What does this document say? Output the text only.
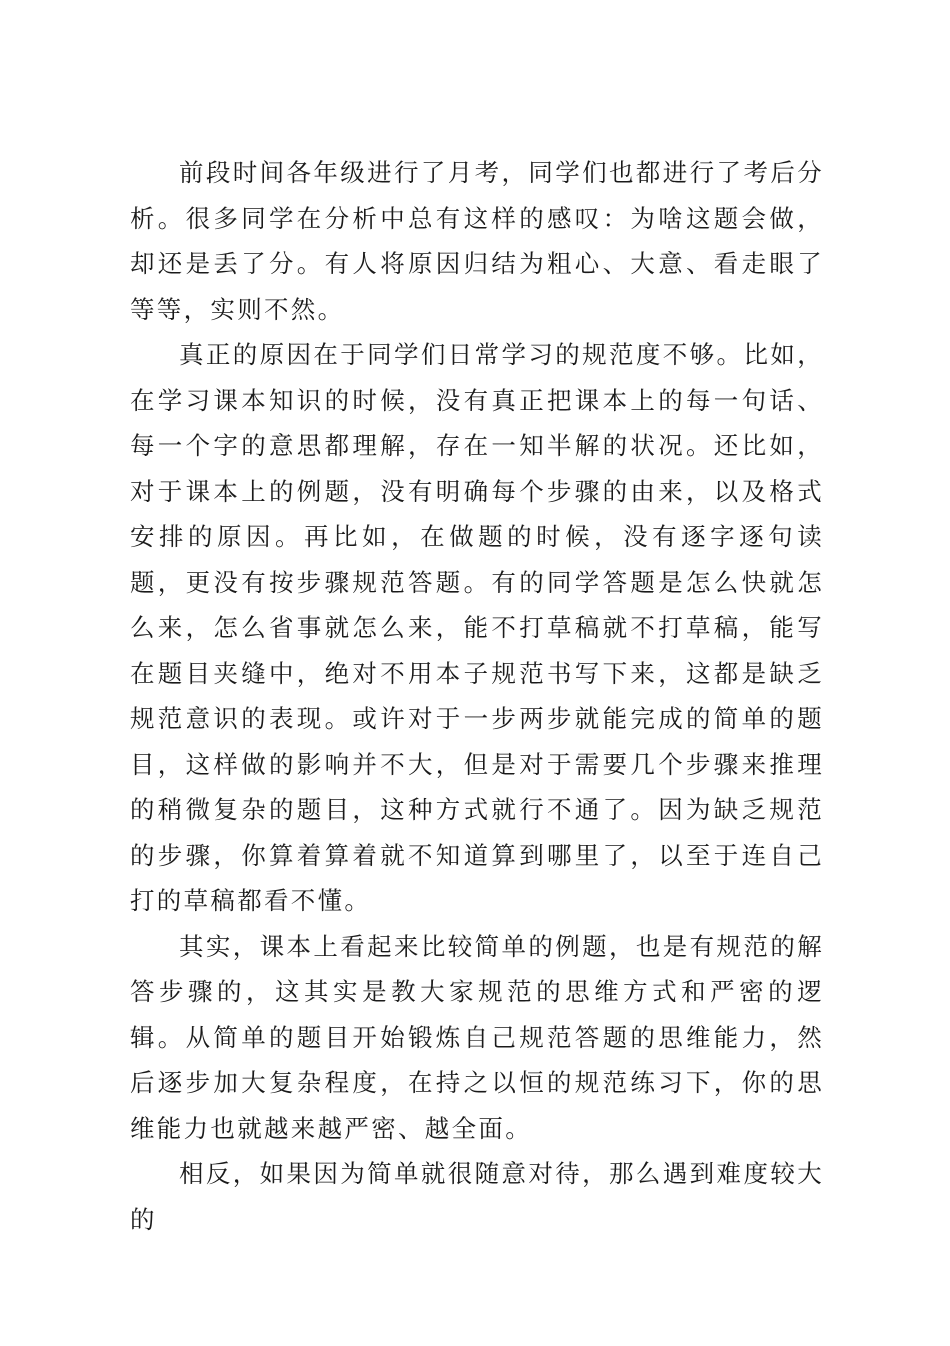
前段时间各年级进行了月考，同学们也都进行了考后分析。很多同学在分析中总有这样的感叹：为啥这题会做，却还是丢了分。有人将原因归结为粗心、大意、看走眼了等等，实则不然。

真正的原因在于同学们日常学习的规范度不够。比如，在学习课本知识的时候，没有真正把课本上的每一句话、每一个字的意思都理解，存在一知半解的状况。还比如，对于课本上的例题，没有明确每个步骤的由来，以及格式安排的原因。再比如，在做题的时候，没有逐字逐句读题，更没有按步骤规范答题。有的同学答题是怎么快就怎么来，怎么省事就怎么来，能不打草稿就不打草稿，能写在题目夹缝中，绝对不用本子规范书写下来，这都是缺乏规范意识的表现。或许对于一步两步就能完成的简单的题目，这样做的影响并不大，但是对于需要几个步骤来推理的稍微复杂的题目，这种方式就行不通了。因为缺乏规范的步骤，你算着算着就不知道算到哪里了，以至于连自己打的草稿都看不懂。

其实，课本上看起来比较简单的例题，也是有规范的解答步骤的，这其实是教大家规范的思维方式和严密的逻辑。从简单的题目开始锻炼自己规范答题的思维能力，然后逐步加大复杂程度，在持之以恒的规范练习下，你的思维能力也就越来越严密、越全面。

相反，如果因为简单就很随意对待，那么遇到难度较大的
